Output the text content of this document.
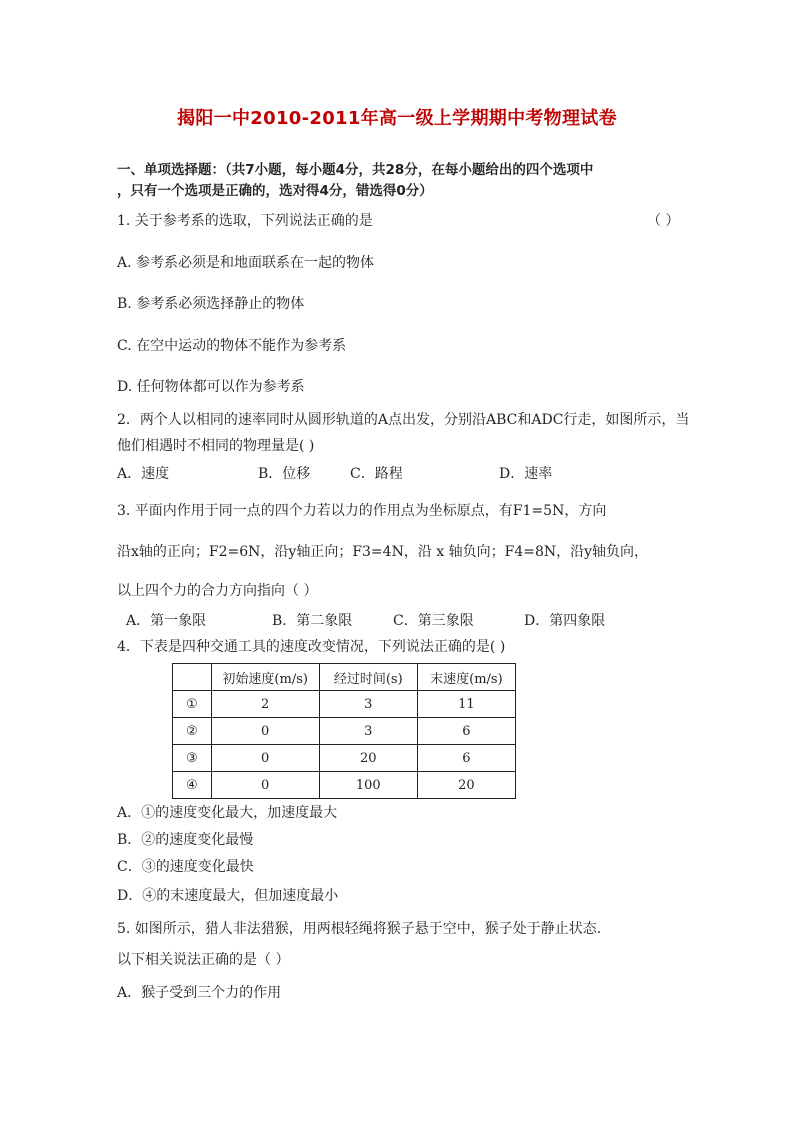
揭阳一中2010-2011年高一级上学期期中考物理试卷
一、单项选择题：（共7小题，每小题4分，共28分，在每小题给出的四个选项中
，只有一个选项是正确的，选对得4分，错选得0分）
1. 关于参考系的选取，下列说法正确的是	（ ）
A. 参考系必须是和地面联系在一起的物体
B. 参考系必须选择静止的物体
C. 在空中运动的物体不能作为参考系
D. 任何物体都可以作为参考系
2．两个人以相同的速率同时从圆形轨道的A点出发，分别沿ABC和ADC行走，如图所示，当
他们相遇时不相同的物理量是( )
A．速度	B．位移	C．路程	D．速率
3. 平面内作用于同一点的四个力若以力的作用点为坐标原点，有F1=5N，方向
沿x轴的正向；F2=6N，沿y轴正向；F3=4N，沿 x 轴负向；F4=8N，沿y轴负向，
以上四个力的合力方向指向（ ）
A．第一象限	B．第二象限	C．第三象限	D．第四象限
4．下表是四种交通工具的速度改变情况，下列说法正确的是( )
	初始速度(m/s)	经过时间(s)	末速度(m/s)
①	2	3	11
②	0	3	6
③	0	20	6
④	0	100	20
A．①的速度变化最大，加速度最大
B．②的速度变化最慢
C．③的速度变化最快
D．④的末速度最大，但加速度最小
5. 如图所示，猎人非法猎猴，用两根轻绳将猴子悬于空中，猴子处于静止状态.
以下相关说法正确的是（ ）
A．猴子受到三个力的作用
